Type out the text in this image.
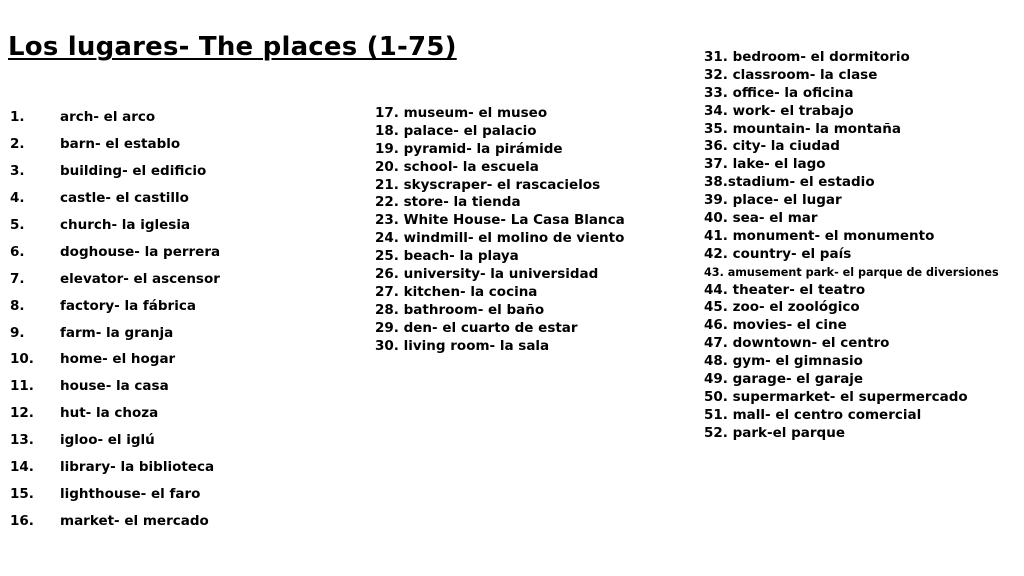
Los lugares- The places (1-75)
1.	arch- el arco
2.	barn- el establo
3.	building- el edificio
4.	castle- el castillo
5.	church- la iglesia
6.	doghouse- la perrera
7.	elevator- el ascensor
8.	factory- la fábrica
9.	farm- la granja
10.	home- el hogar
11.	house- la casa
12.	hut- la choza
13.	igloo- el iglú
14.	library- la biblioteca
15.	lighthouse- el faro
16.	market- el mercado
17. museum- el museo
18. palace- el palacio
19. pyramid- la pirámide
20. school- la escuela
21. skyscraper- el rascacielos
22. store- la tienda
23. White House- La Casa Blanca
24. windmill- el molino de viento
25. beach- la playa
26. university- la universidad
27. kitchen- la cocina
28. bathroom- el baño
29. den- el cuarto de estar
30. living room- la sala
31. bedroom- el dormitorio
32. classroom- la clase
33. office- la oficina
34. work- el trabajo
35. mountain- la montaña
36. city- la ciudad
37. lake- el lago
38.stadium- el estadio
39. place- el lugar
40. sea- el mar
41. monument- el monumento
42. country- el país
43. amusement park- el parque de diversiones
44. theater- el teatro
45. zoo- el zoológico
46. movies- el cine
47. downtown- el centro
48. gym- el gimnasio
49. garage- el garaje
50. supermarket- el supermercado
51. mall- el centro comercial
52. park-el parque
